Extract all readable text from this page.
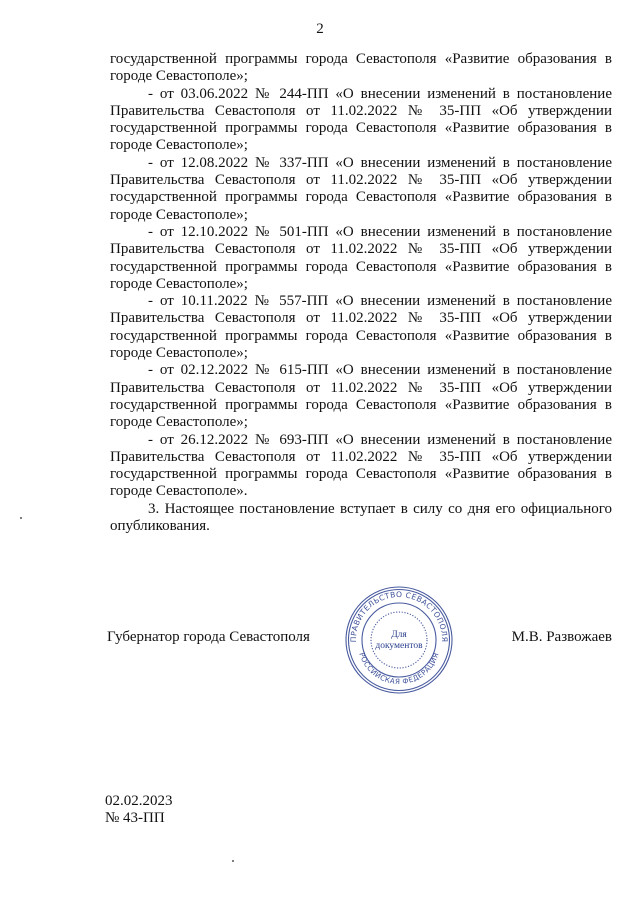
2

государственной программы города Севастополя «Развитие образования в городе Севастополе»;

- от 03.06.2022 № 244-ПП «О внесении изменений в постановление Правительства Севастополя от 11.02.2022 № 35-ПП «Об утверждении государственной программы города Севастополя «Развитие образования в городе Севастополе»;

- от 12.08.2022 № 337-ПП «О внесении изменений в постановление Правительства Севастополя от 11.02.2022 № 35-ПП «Об утверждении государственной программы города Севастополя «Развитие образования в городе Севастополе»;

- от 12.10.2022 № 501-ПП «О внесении изменений в постановление Правительства Севастополя от 11.02.2022 № 35-ПП «Об утверждении государственной программы города Севастополя «Развитие образования в городе Севастополе»;

- от 10.11.2022 № 557-ПП «О внесении изменений в постановление Правительства Севастополя от 11.02.2022 № 35-ПП «Об утверждении государственной программы города Севастополя «Развитие образования в городе Севастополе»;

- от 02.12.2022 № 615-ПП «О внесении изменений в постановление Правительства Севастополя от 11.02.2022 № 35-ПП «Об утверждении государственной программы города Севастополя «Развитие образования в городе Севастополе»;

- от 26.12.2022 № 693-ПП «О внесении изменений в постановление Правительства Севастополя от 11.02.2022 № 35-ПП «Об утверждении государственной программы города Севастополя «Развитие образования в городе Севастополе».

3. Настоящее постановление вступает в силу со дня его официального опубликования.

Губернатор города Севастополя	М.В. Развожаев
ПРАВИТЕЛЬСТВО СЕВАСТОПОЛЯ
РОССИЙСКАЯ ФЕДЕРАЦИЯ
Для
документов
02.02.2023
№ 43-ПП
